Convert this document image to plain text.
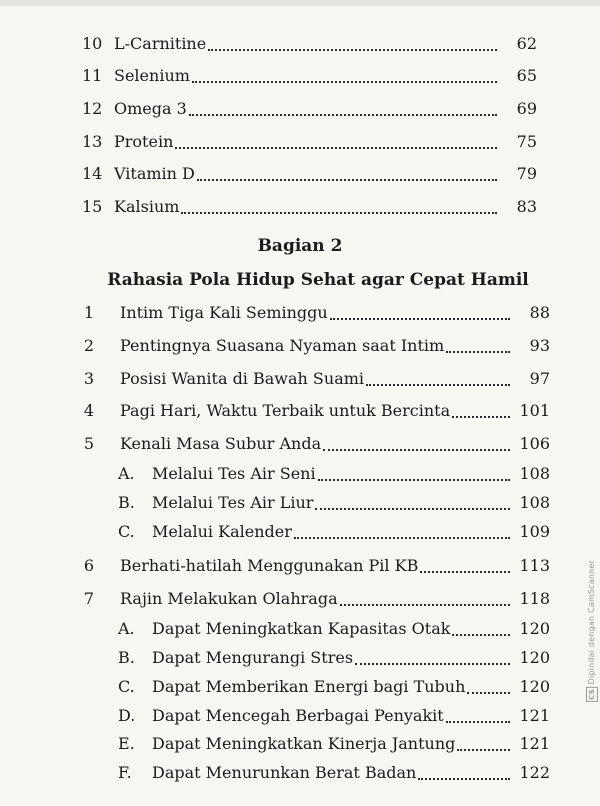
10 L-Carnitine	62
11 Selenium	65
12 Omega 3	69
13 Protein	75
14 Vitamin D	79
15 Kalsium	83
Bagian 2
Rahasia Pola Hidup Sehat agar Cepat Hamil
1 Intim Tiga Kali Seminggu	88
2 Pentingnya Suasana Nyaman saat Intim	93
3 Posisi Wanita di Bawah Suami	97
4 Pagi Hari, Waktu Terbaik untuk Bercinta	101
5 Kenali Masa Subur Anda	106
A.	Melalui Tes Air Seni	108
B.	Melalui Tes Air Liur	108
C.	Melalui Kalender	109
6 Berhati-hatilah Menggunakan Pil KB	113
7 Rajin Melakukan Olahraga	118
A.	Dapat Meningkatkan Kapasitas Otak	120
B.	Dapat Mengurangi Stres	120
C.	Dapat Memberikan Energi bagi Tubuh	120
D.	Dapat Mencegah Berbagai Penyakit	121
E.	Dapat Meningkatkan Kinerja Jantung	121
F.	Dapat Menurunkan Berat Badan	122
CS Dipindai dengan CamScanner
